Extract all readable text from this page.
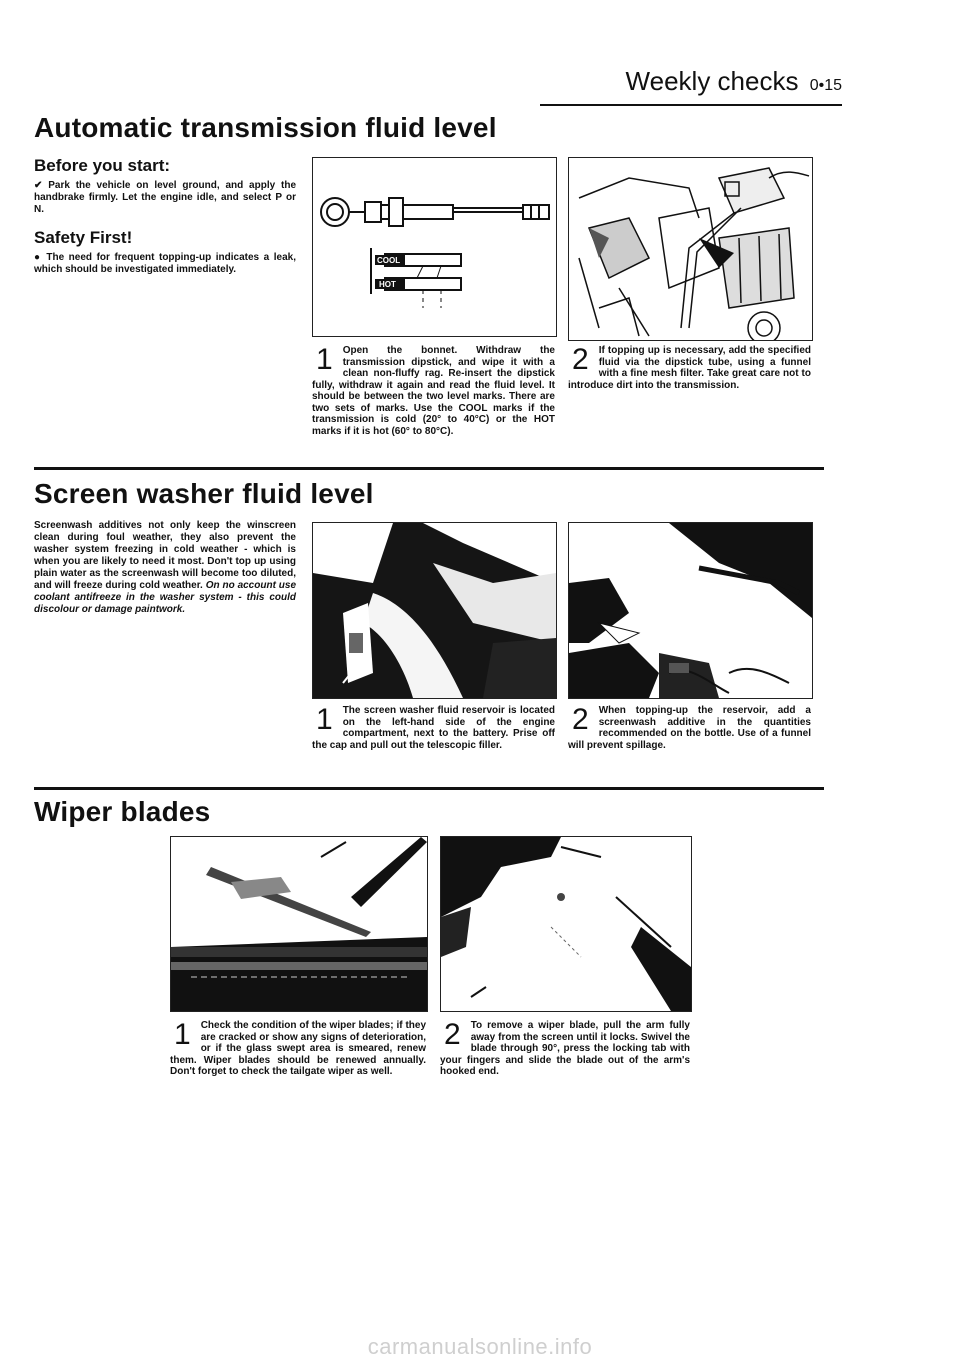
Weekly checks 0•15
Automatic transmission fluid level
Before you start:

✔ Park the vehicle on level ground, and apply the handbrake firmly. Let the engine idle, and select P or N.

Safety First!

● The need for frequent topping-up indicates a leak, which should be investigated immediately.

COOL
HOT
1 Open the bonnet. Withdraw the transmission dipstick, and wipe it with a clean non-fluffy rag. Re-insert the dipstick fully, withdraw it again and read the fluid level. It should be between the two level marks. There are two sets of marks. Use the COOL marks if the transmission is cold (20° to 40°C) or the HOT marks if it is hot (60° to 80°C).
2 If topping up is necessary, add the specified fluid via the dipstick tube, using a funnel with a fine mesh filter. Take great care not to introduce dirt into the transmission.
Screen washer fluid level

Screenwash additives not only keep the winscreen clean during foul weather, they also prevent the washer system freezing in cold weather - which is when you are likely to need it most. Don't top up using plain water as the screenwash will become too diluted, and will freeze during cold weather. On no account use coolant antifreeze in the washer system - this could discolour or damage paintwork.

1 The screen washer fluid reservoir is located on the left-hand side of the engine compartment, next to the battery. Prise off the cap and pull out the telescopic filler.
2 When topping-up the reservoir, add a screenwash additive in the quantities recommended on the bottle. Use of a funnel will prevent spillage.
Wiper blades
1 Check the condition of the wiper blades; if they are cracked or show any signs of deterioration, or if the glass swept area is smeared, renew them. Wiper blades should be renewed annually. Don't forget to check the tailgate wiper as well.
2 To remove a wiper blade, pull the arm fully away from the screen until it locks. Swivel the blade through 90°, press the locking tab with your fingers and slide the blade out of the arm's hooked end.
carmanualsonline.info
